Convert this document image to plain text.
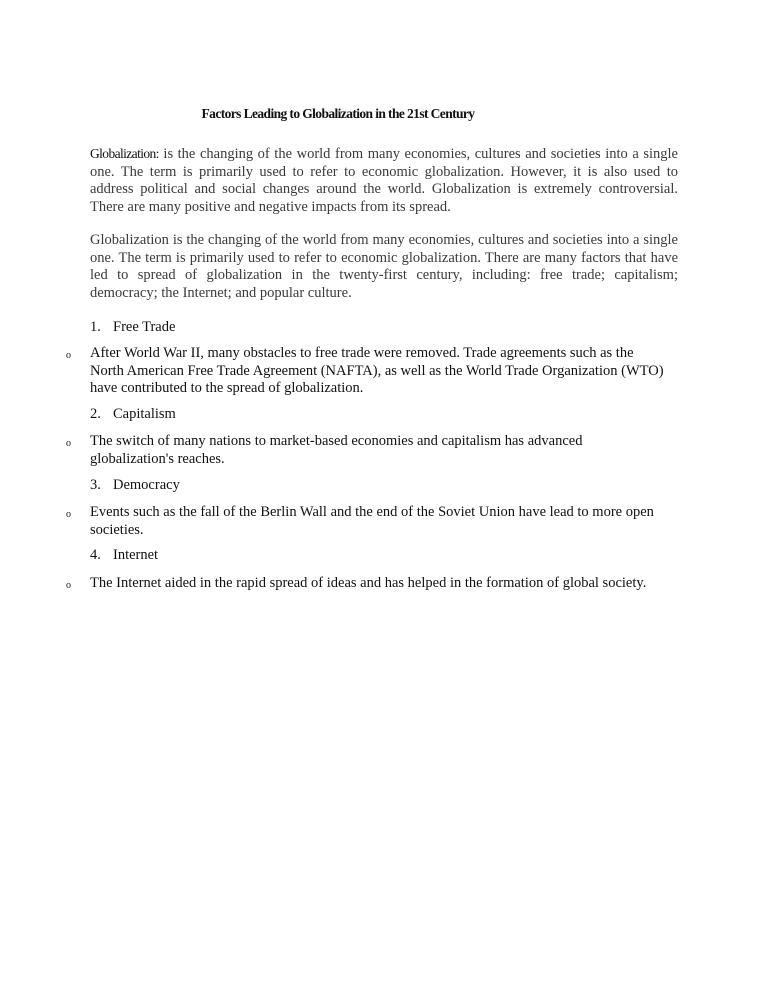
Factors Leading to Globalization in the 21st Century
Globalization: is the changing of the world from many economies, cultures and societies into a single one. The term is primarily used to refer to economic globalization. However, it is also used to address political and social changes around the world. Globalization is extremely controversial. There are many positive and negative impacts from its spread.
Globalization is the changing of the world from many economies, cultures and societies into a single one. The term is primarily used to refer to economic globalization. There are many factors that have led to spread of globalization in the twenty-first century, including: free trade; capitalism; democracy; the Internet; and popular culture.
1. Free Trade
o After World War II, many obstacles to free trade were removed. Trade agreements such as the North American Free Trade Agreement (NAFTA), as well as the World Trade Organization (WTO) have contributed to the spread of globalization.
2. Capitalism
o The switch of many nations to market-based economies and capitalism has advanced globalization's reaches.
3. Democracy
o Events such as the fall of the Berlin Wall and the end of the Soviet Union have lead to more open societies.
4. Internet
o The Internet aided in the rapid spread of ideas and has helped in the formation of global society.
